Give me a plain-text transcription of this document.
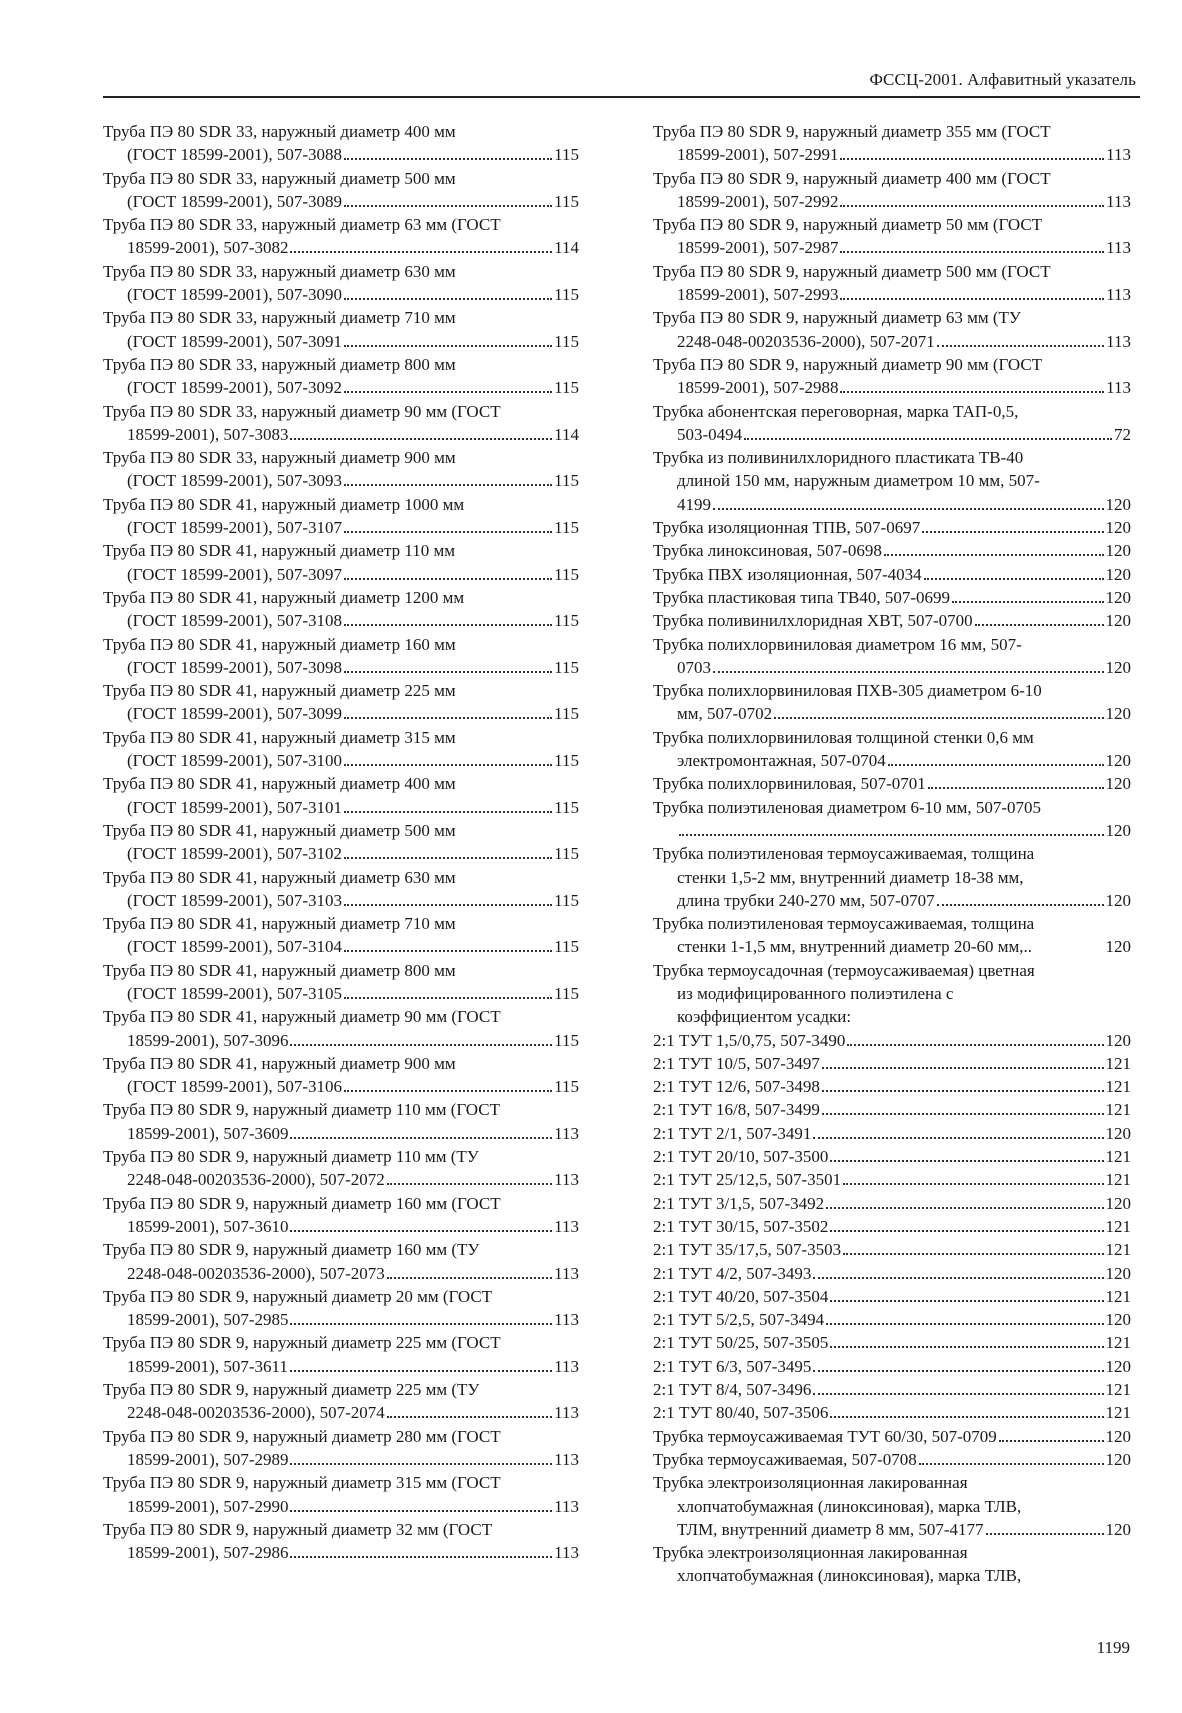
ФССЦ-2001. Алфавитный указатель
Труба ПЭ 80 SDR 33, наружный диаметр 400 мм
(ГОСТ 18599-2001), 507-3088	115
Труба ПЭ 80 SDR 33, наружный диаметр 500 мм
(ГОСТ 18599-2001), 507-3089	115
Труба ПЭ 80 SDR 33, наружный диаметр 63 мм (ГОСТ
18599-2001), 507-3082	114
Труба ПЭ 80 SDR 33, наружный диаметр 630 мм
(ГОСТ 18599-2001), 507-3090	115
Труба ПЭ 80 SDR 33, наружный диаметр 710 мм
(ГОСТ 18599-2001), 507-3091	115
Труба ПЭ 80 SDR 33, наружный диаметр 800 мм
(ГОСТ 18599-2001), 507-3092	115
Труба ПЭ 80 SDR 33, наружный диаметр 90 мм (ГОСТ
18599-2001), 507-3083	114
Труба ПЭ 80 SDR 33, наружный диаметр 900 мм
(ГОСТ 18599-2001), 507-3093	115
Труба ПЭ 80 SDR 41, наружный диаметр 1000 мм
(ГОСТ 18599-2001), 507-3107	115
Труба ПЭ 80 SDR 41, наружный диаметр 110 мм
(ГОСТ 18599-2001), 507-3097	115
Труба ПЭ 80 SDR 41, наружный диаметр 1200 мм
(ГОСТ 18599-2001), 507-3108	115
Труба ПЭ 80 SDR 41, наружный диаметр 160 мм
(ГОСТ 18599-2001), 507-3098	115
Труба ПЭ 80 SDR 41, наружный диаметр 225 мм
(ГОСТ 18599-2001), 507-3099	115
Труба ПЭ 80 SDR 41, наружный диаметр 315 мм
(ГОСТ 18599-2001), 507-3100	115
Труба ПЭ 80 SDR 41, наружный диаметр 400 мм
(ГОСТ 18599-2001), 507-3101	115
Труба ПЭ 80 SDR 41, наружный диаметр 500 мм
(ГОСТ 18599-2001), 507-3102	115
Труба ПЭ 80 SDR 41, наружный диаметр 630 мм
(ГОСТ 18599-2001), 507-3103	115
Труба ПЭ 80 SDR 41, наружный диаметр 710 мм
(ГОСТ 18599-2001), 507-3104	115
Труба ПЭ 80 SDR 41, наружный диаметр 800 мм
(ГОСТ 18599-2001), 507-3105	115
Труба ПЭ 80 SDR 41, наружный диаметр 90 мм (ГОСТ
18599-2001), 507-3096	115
Труба ПЭ 80 SDR 41, наружный диаметр 900 мм
(ГОСТ 18599-2001), 507-3106	115
Труба ПЭ 80 SDR 9, наружный диаметр 110 мм (ГОСТ
18599-2001), 507-3609	113
Труба ПЭ 80 SDR 9, наружный диаметр 110 мм (ТУ
2248-048-00203536-2000), 507-2072	113
Труба ПЭ 80 SDR 9, наружный диаметр 160 мм (ГОСТ
18599-2001), 507-3610	113
Труба ПЭ 80 SDR 9, наружный диаметр 160 мм (ТУ
2248-048-00203536-2000), 507-2073	113
Труба ПЭ 80 SDR 9, наружный диаметр 20 мм (ГОСТ
18599-2001), 507-2985	113
Труба ПЭ 80 SDR 9, наружный диаметр 225 мм (ГОСТ
18599-2001), 507-3611	113
Труба ПЭ 80 SDR 9, наружный диаметр 225 мм (ТУ
2248-048-00203536-2000), 507-2074	113
Труба ПЭ 80 SDR 9, наружный диаметр 280 мм (ГОСТ
18599-2001), 507-2989	113
Труба ПЭ 80 SDR 9, наружный диаметр 315 мм (ГОСТ
18599-2001), 507-2990	113
Труба ПЭ 80 SDR 9, наружный диаметр 32 мм (ГОСТ
18599-2001), 507-2986	113
Труба ПЭ 80 SDR 9, наружный диаметр 355 мм (ГОСТ
18599-2001), 507-2991	113
Труба ПЭ 80 SDR 9, наружный диаметр 400 мм (ГОСТ
18599-2001), 507-2992	113
Труба ПЭ 80 SDR 9, наружный диаметр 50 мм (ГОСТ
18599-2001), 507-2987	113
Труба ПЭ 80 SDR 9, наружный диаметр 500 мм (ГОСТ
18599-2001), 507-2993	113
Труба ПЭ 80 SDR 9, наружный диаметр 63 мм (ТУ
2248-048-00203536-2000), 507-2071	113
Труба ПЭ 80 SDR 9, наружный диаметр 90 мм (ГОСТ
18599-2001), 507-2988	113
Трубка абонентская переговорная, марка ТАП-0,5,
503-0494	72
Трубка из поливинилхлоридного пластиката ТВ-40
длиной 150 мм, наружным диаметром 10 мм, 507-
4199	120
Трубка изоляционная ТПВ, 507-0697	120
Трубка линоксиновая, 507-0698	120
Трубка ПВХ изоляционная, 507-4034	120
Трубка пластиковая типа ТВ40, 507-0699	120
Трубка поливинилхлоридная ХВТ, 507-0700	120
Трубка полихлорвиниловая диаметром 16 мм, 507-
0703	120
Трубка полихлорвиниловая ПХВ-305 диаметром 6-10
мм, 507-0702	120
Трубка полихлорвиниловая толщиной стенки 0,6 мм
электромонтажная, 507-0704	120
Трубка полихлорвиниловая, 507-0701	120
Трубка полиэтиленовая диаметром 6-10 мм, 507-0705
120
Трубка полиэтиленовая термоусаживаемая, толщина
стенки 1,5-2 мм, внутренний диаметр 18-38 мм,
длина трубки 240-270 мм, 507-0707	120
Трубка полиэтиленовая термоусаживаемая, толщина
стенки 1-1,5 мм, внутренний диаметр 20-60 мм,..	120
Трубка термоусадочная (термоусаживаемая) цветная
из модифицированного полиэтилена с
коэффициентом усадки:
2:1 ТУТ 1,5/0,75, 507-3490	120
2:1 ТУТ 10/5, 507-3497	121
2:1 ТУТ 12/6, 507-3498	121
2:1 ТУТ 16/8, 507-3499	121
2:1 ТУТ 2/1, 507-3491	120
2:1 ТУТ 20/10, 507-3500	121
2:1 ТУТ 25/12,5, 507-3501	121
2:1 ТУТ 3/1,5, 507-3492	120
2:1 ТУТ 30/15, 507-3502	121
2:1 ТУТ 35/17,5, 507-3503	121
2:1 ТУТ 4/2, 507-3493	120
2:1 ТУТ 40/20, 507-3504	121
2:1 ТУТ 5/2,5, 507-3494	120
2:1 ТУТ 50/25, 507-3505	121
2:1 ТУТ 6/3, 507-3495	120
2:1 ТУТ 8/4, 507-3496	121
2:1 ТУТ 80/40, 507-3506	121
Трубка термоусаживаемая ТУТ 60/30, 507-0709	120
Трубка термоусаживаемая, 507-0708	120
Трубка электроизоляционная лакированная
хлопчатобумажная (линоксиновая), марка ТЛВ,
ТЛМ, внутренний диаметр 8 мм, 507-4177	120
Трубка электроизоляционная лакированная
хлопчатобумажная (линоксиновая), марка ТЛВ,
1199
